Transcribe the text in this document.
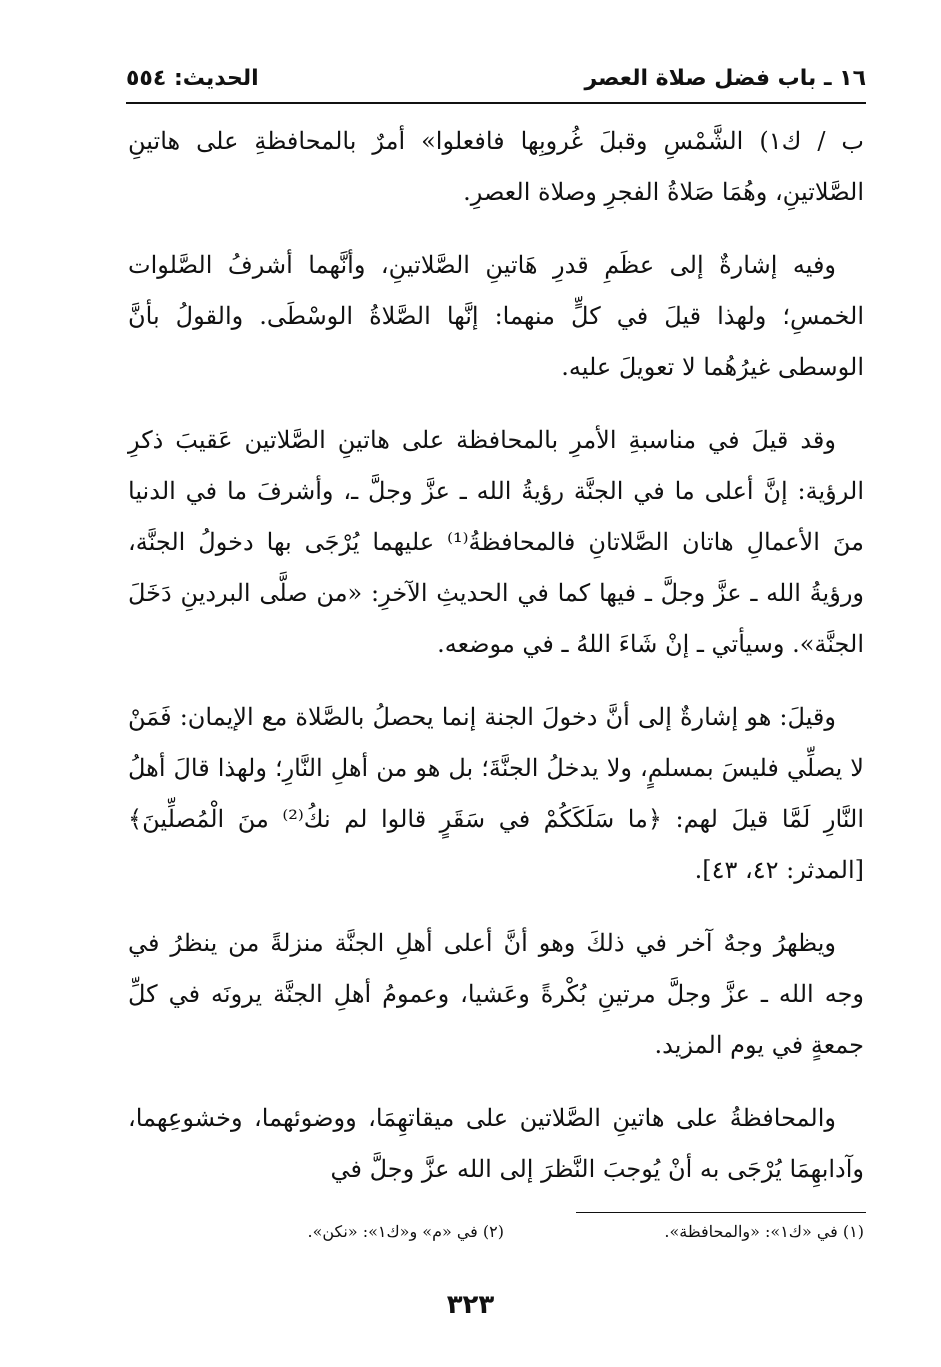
١٦ ـ باب فضل صلاة العصر
الحديث: ٥٥٤

ب / ك١) الشَّمْسِ وقبلَ غُروبِها فافعلوا» أمرٌ بالمحافظةِ على هاتينِ الصَّلاتينِ، وهُمَا صَلاةُ الفجرِ وصلاة العصرِ.

وفيه إشارةٌ إلى عظَمِ قدرِ هَاتينِ الصَّلاتينِ، وأنَّهما أشرفُ الصَّلوات الخمسِ؛ ولهذا قيلَ في كلٍّ منهما: إنَّها الصَّلاةُ الوسْطَى. والقولُ بأنَّ الوسطى غيرُهُما لا تعويلَ عليه.

وقد قيلَ في مناسبةِ الأمرِ بالمحافظة على هاتينِ الصَّلاتين عَقيبَ ذكرِ الرؤية: إنَّ أعلى ما في الجنَّة رؤيةُ الله ـ عزَّ وجلَّ ـ، وأشرفَ ما في الدنيا منَ الأعمالِ هاتان الصَّلاتانِ فالمحافظةُ⁽¹⁾ عليهما يُرْجَى بها دخولُ الجنَّة، ورؤيةُ الله ـ عزَّ وجلَّ ـ فيها كما في الحديثِ الآخرِ: «من صلَّى البردينِ دَخَلَ الجنَّة». وسيأتي ـ إنْ شَاءَ اللهُ ـ في موضعه.

وقيلَ: هو إشارةٌ إلى أنَّ دخولَ الجنة إنما يحصلُ بالصَّلاة مع الإيمان: فَمَنْ لا يصلِّي فليسَ بمسلمٍ، ولا يدخلُ الجنَّةَ؛ بل هو من أهلِ النَّارِ؛ ولهذا قالَ أهلُ النَّارِ لَمَّا قيلَ لهم: ﴿ما سَلَكَكُمْ في سَقَرٍ قالوا لم نكُ⁽²⁾ منَ الْمُصلِّينَ﴾ [المدثر: ٤٢، ٤٣].

ويظهرُ وجهٌ آخر في ذلكَ وهو أنَّ أعلى أهلِ الجنَّة منزلةً من ينظرُ في وجه الله ـ عزَّ وجلَّ مرتينِ بُكْرةً وعَشيا، وعمومُ أهلِ الجنَّة يرونَه في كلِّ جمعةٍ في يوم المزيد.

والمحافظةُ على هاتينِ الصَّلاتين على ميقاتهِمَا، ووضوئهما، وخشوعِهما، وآدابهِمَا يُرْجَى به أنْ يُوجبَ النَّظرَ إلى الله عزَّ وجلَّ في

(١) في «ك١»: «والمحافظة».
(٢) في «م» و«ك١»: «نكن».
٣٢٣
